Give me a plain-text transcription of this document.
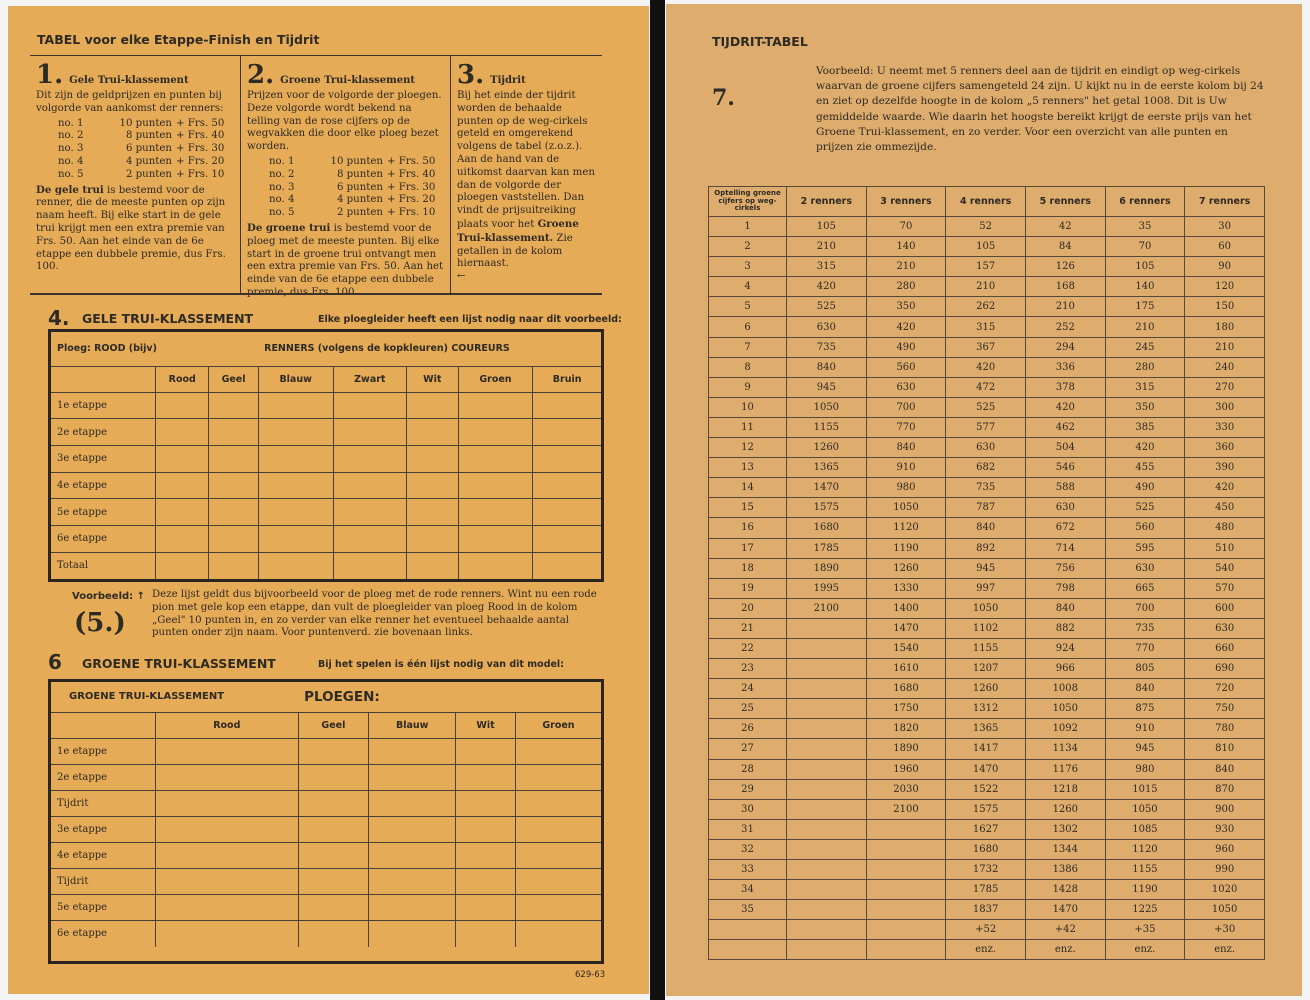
TABEL voor elke Etappe-Finish en Tijdrit
1. Gele Trui-klassement
Dit zijn de geldprijzen en punten bij volgorde van aankomst der renners:
no. 1	10 punten + Frs. 50
no. 2	8 punten + Frs. 40
no. 3	6 punten + Frs. 30
no. 4	4 punten + Frs. 20
no. 5	2 punten + Frs. 10
De gele trui is bestemd voor de renner, die de meeste punten op zijn naam heeft. Bij elke start in de gele trui krijgt men een extra premie van Frs. 50. Aan het einde van de 6e etappe een dubbele premie, dus Frs. 100.
2. Groene Trui-klassement
Prijzen voor de volgorde der ploegen. Deze volgorde wordt bekend na telling van de rose cijfers op de wegvakken die door elke ploeg bezet worden.
no. 1	10 punten + Frs. 50
no. 2	8 punten + Frs. 40
no. 3	6 punten + Frs. 30
no. 4	4 punten + Frs. 20
no. 5	2 punten + Frs. 10
De groene trui is bestemd voor de ploeg met de meeste punten. Bij elke start in de groene trui ontvangt men een extra premie van Frs. 50. Aan het einde van de 6e etappe een dubbele
3. Tijdrit
Bij het einde der tijdrit worden de behaalde punten op de weg-cirkels geteld en omgerekend volgens de tabel (z.o.z.). Aan de hand van de uitkomst daarvan kan men dan de volgorde der ploegen vaststellen. Dan vindt de prijsuitreiking plaats voor het Groene Trui-klassement. Zie getallen in de kolom hiernaast.
←
4. GELE TRUI-KLASSEMENT	Elke ploegleider heeft een lijst nodig naar dit voorbeeld:
Ploeg: ROOD (bijv)			RENNERS (volgens de kopkleuren) COUREURS				
	Rood	Geel	Blauw	Zwart	Wit	Groen	Bruin
1e etappe							
2e etappe							
3e etappe							
4e etappe							
5e etappe							
6e etappe							
Totaal							
Voorbeeld: ↑
(5.)
Deze lijst geldt dus bijvoorbeeld voor de ploeg met de rode renners. Wint nu een rode pion met gele kop een etappe, dan vult de ploegleider van ploeg Rood in de kolom „Geel" 10 punten in, en zo verder van elke renner het eventueel behaalde aantal punten onder zijn naam. Voor puntenverd. zie bovenaan links.
6 GROENE TRUI-KLASSEMENT	Bij het spelen is één lijst nodig van dit model:
GROENE TRUI-KLASSEMENT		PLOEGEN:			
	Rood	Geel	Blauw	Wit	Groen
1e etappe					
2e etappe					
Tijdrit					
3e etappe					
4e etappe					
Tijdrit					
5e etappe					
6e etappe					
629-63
TIJDRIT-TABEL
7.
Voorbeeld: U neemt met 5 renners deel aan de tijdrit en eindigt op weg-cirkels waarvan de groene cijfers samengeteld 24 zijn. U kijkt nu in de eerste kolom bij 24 en ziet op dezelfde hoogte in de kolom „5 renners" het getal 1008. Dit is Uw gemiddelde waarde. Wie daarin het hoogste bereikt krijgt de eerste prijs van het Groene Trui-klassement, en zo verder. Voor een overzicht van alle punten en prijzen zie ommezijde.
Optelling groene cijfers op weg-cirkels	2 renners	3 renners	4 renners	5 renners	6 renners	7 renners
1	105	70	52	42	35	30
2	210	140	105	84	70	60
3	315	210	157	126	105	90
4	420	280	210	168	140	120
5	525	350	262	210	175	150
6	630	420	315	252	210	180
7	735	490	367	294	245	210
8	840	560	420	336	280	240
9	945	630	472	378	315	270
10	1050	700	525	420	350	300
11	1155	770	577	462	385	330
12	1260	840	630	504	420	360
13	1365	910	682	546	455	390
14	1470	980	735	588	490	420
15	1575	1050	787	630	525	450
16	1680	1120	840	672	560	480
17	1785	1190	892	714	595	510
18	1890	1260	945	756	630	540
19	1995	1330	997	798	665	570
20	2100	1400	1050	840	700	600
21		1470	1102	882	735	630
22		1540	1155	924	770	660
23		1610	1207	966	805	690
24		1680	1260	1008	840	720
25		1750	1312	1050	875	750
26		1820	1365	1092	910	780
27		1890	1417	1134	945	810
28		1960	1470	1176	980	840
29		2030	1522	1218	1015	870
30		2100	1575	1260	1050	900
31			1627	1302	1085	930
32			1680	1344	1120	960
33			1732	1386	1155	990
34			1785	1428	1190	1020
35			1837	1470	1225	1050
			+52	+42	+35	+30
			enz.	enz.	enz.	enz.
